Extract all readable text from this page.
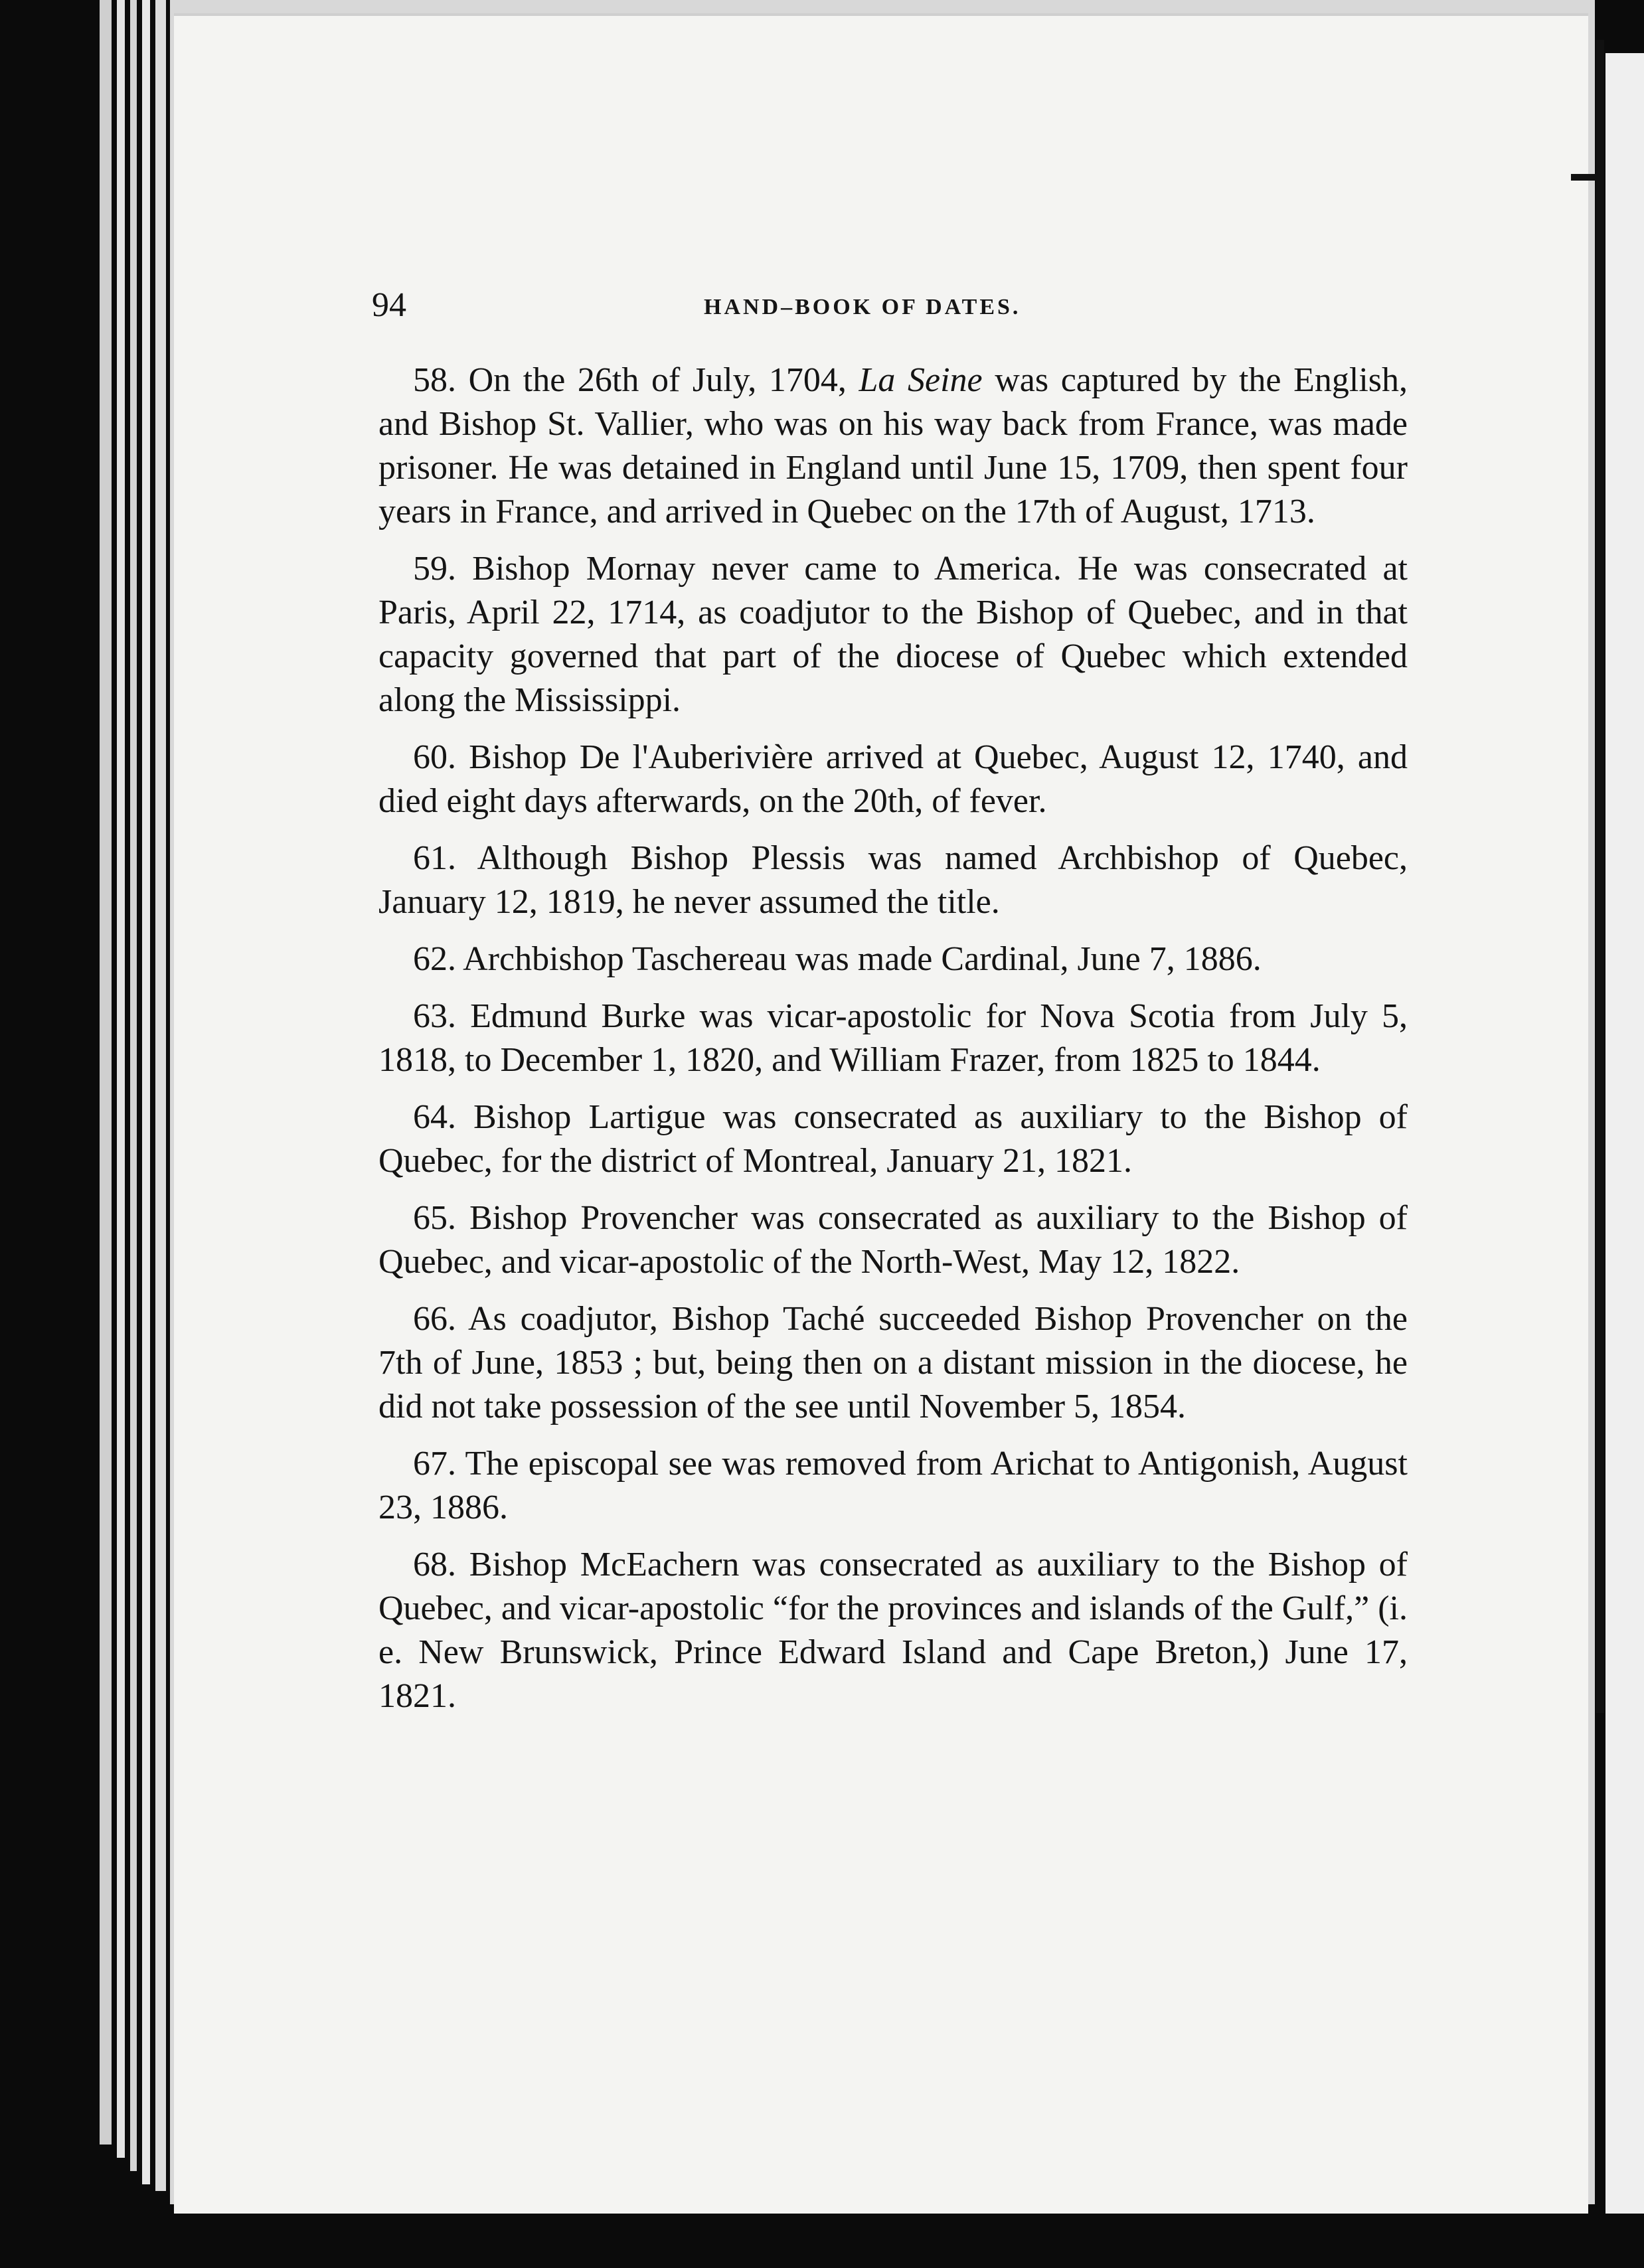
94	HAND–BOOK OF DATES.

58. On the 26th of July, 1704, La Seine was captured by the English, and Bishop St. Vallier, who was on his way back from France, was made prisoner. He was detained in England until June 15, 1709, then spent four years in France, and arrived in Quebec on the 17th of August, 1713.

59. Bishop Mornay never came to America. He was consecrated at Paris, April 22, 1714, as coadjutor to the Bishop of Quebec, and in that capacity governed that part of the diocese of Quebec which extended along the Mississippi.

60. Bishop De l'Auberivière arrived at Quebec, August 12, 1740, and died eight days afterwards, on the 20th, of fever.

61. Although Bishop Plessis was named Archbishop of Quebec, January 12, 1819, he never assumed the title.

62. Archbishop Taschereau was made Cardinal, June 7, 1886.

63. Edmund Burke was vicar-apostolic for Nova Scotia from July 5, 1818, to December 1, 1820, and William Frazer, from 1825 to 1844.

64. Bishop Lartigue was consecrated as auxiliary to the Bishop of Quebec, for the district of Montreal, January 21, 1821.

65. Bishop Provencher was consecrated as auxiliary to the Bishop of Quebec, and vicar-apostolic of the North-West, May 12, 1822.

66. As coadjutor, Bishop Taché succeeded Bishop Provencher on the 7th of June, 1853 ; but, being then on a distant mission in the diocese, he did not take possession of the see until November 5, 1854.

67. The episcopal see was removed from Arichat to Antigonish, August 23, 1886.

68. Bishop McEachern was consecrated as auxiliary to the Bishop of Quebec, and vicar-apostolic “for the provinces and islands of the Gulf,” (i. e. New Brunswick, Prince Edward Island and Cape Breton,) June 17, 1821.
